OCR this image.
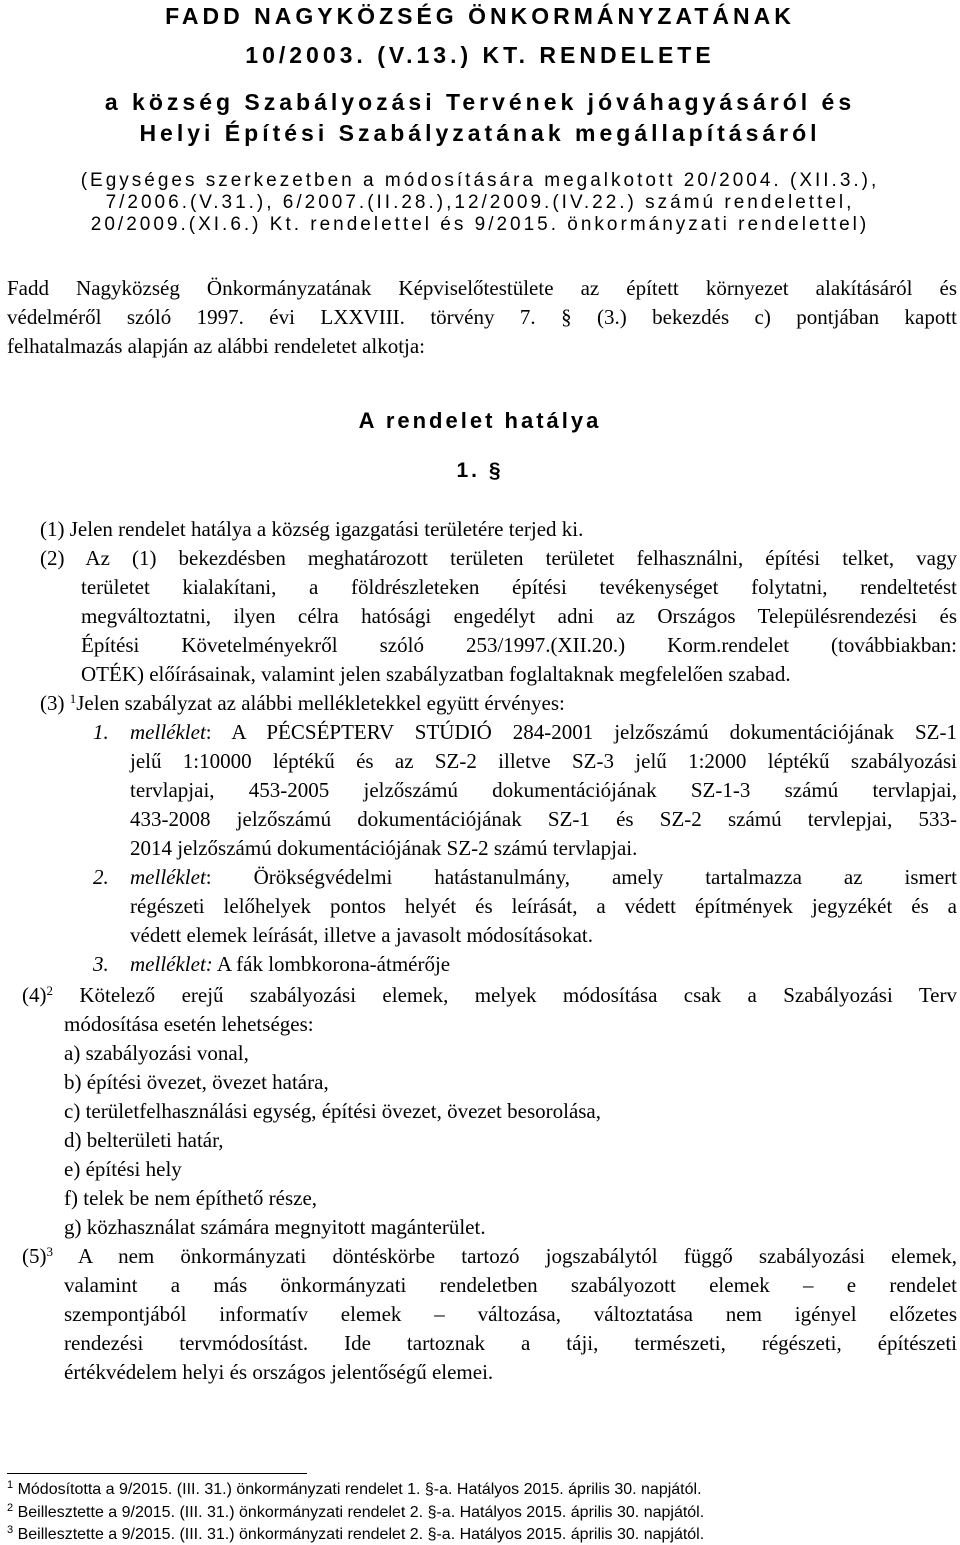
FADD NAGYKÖZSÉG ÖNKORMÁNYZATÁNAK
10/2003. (V.13.) KT. RENDELETE
a község Szabályozási Tervének jóváhagyásáról és
Helyi Építési Szabályzatának megállapításáról
(Egységes szerkezetben a módosítására megalkotott 20/2004. (XII.3.),
7/2006.(V.31.), 6/2007.(II.28.),12/2009.(IV.22.) számú rendelettel,
20/2009.(XI.6.) Kt. rendelettel és 9/2015. önkormányzati rendelettel)
Fadd Nagyközség Önkormányzatának Képviselőtestülete az épített környezet alakításáról és
védelméről szóló 1997. évi LXXVIII. törvény 7. § (3.) bekezdés c) pontjában kapott
felhatalmazás alapján az alábbi rendeletet alkotja:
A rendelet hatálya
1. §
(1) Jelen rendelet hatálya a község igazgatási területére terjed ki.
(2) Az (1) bekezdésben meghatározott területen területet felhasználni, építési telket, vagy
területet kialakítani, a földrészleteken építési tevékenységet folytatni, rendeltetést
megváltoztatni, ilyen célra hatósági engedélyt adni az Országos Településrendezési és
Építési Követelményekről szóló 253/1997.(XII.20.) Korm.rendelet (továbbiakban:
OTÉK) előírásainak, valamint jelen szabályzatban foglaltaknak megfelelően szabad.
(3) $^1$Jelen szabályzat az alábbi mellékletekkel együtt érvényes:
1.	melléklet: A PÉCSÉPTERV STÚDIÓ 284-2001 jelzőszámú dokumentációjának SZ-1
jelű 1:10000 léptékű és az SZ-2 illetve SZ-3 jelű 1:2000 léptékű szabályozási
tervlapjai, 453-2005 jelzőszámú dokumentációjának SZ-1-3 számú tervlapjai,
433-2008 jelzőszámú dokumentációjának SZ-1 és SZ-2 számú tervlepjai, 533-
2014 jelzőszámú dokumentációjának SZ-2 számú tervlapjai.
2.	melléklet: Örökségvédelmi hatástanulmány, amely tartalmazza az ismert
régészeti lelőhelyek pontos helyét és leírását, a védett építmények jegyzékét és a
védett elemek leírását, illetve a javasolt módosításokat.
3.	melléklet: A fák lombkorona-átmérője
$(4)^2$ Kötelező erejű szabályozási elemek, melyek módosítása csak a Szabályozási Terv
módosítása esetén lehetséges:
a) szabályozási vonal,
b) építési övezet, övezet határa,
c) területfelhasználási egység, építési övezet, övezet besorolása,
d) belterületi határ,
e) építési hely
f) telek be nem építhető része,
g) közhasználat számára megnyitott magánterület.
$(5)^3$ A nem önkormányzati döntéskörbe tartozó jogszabálytól függő szabályozási elemek,
valamint a más önkormányzati rendeletben szabályozott elemek – e rendelet
szempontjából informatív elemek – változása, változtatása nem igényel előzetes
rendezési tervmódosítást. Ide tartoznak a táji, természeti, régészeti, építészeti
értékvédelem helyi és országos jelentőségű elemei.
$^1$ Módosította a 9/2015. (III. 31.) önkormányzati rendelet 1. §-a. Hatályos 2015. április 30. napjától.
$^2$ Beillesztette a 9/2015. (III. 31.) önkormányzati rendelet 2. §-a. Hatályos 2015. április 30. napjától.
$^3$ Beillesztette a 9/2015. (III. 31.) önkormányzati rendelet 2. §-a. Hatályos 2015. április 30. napjától.
